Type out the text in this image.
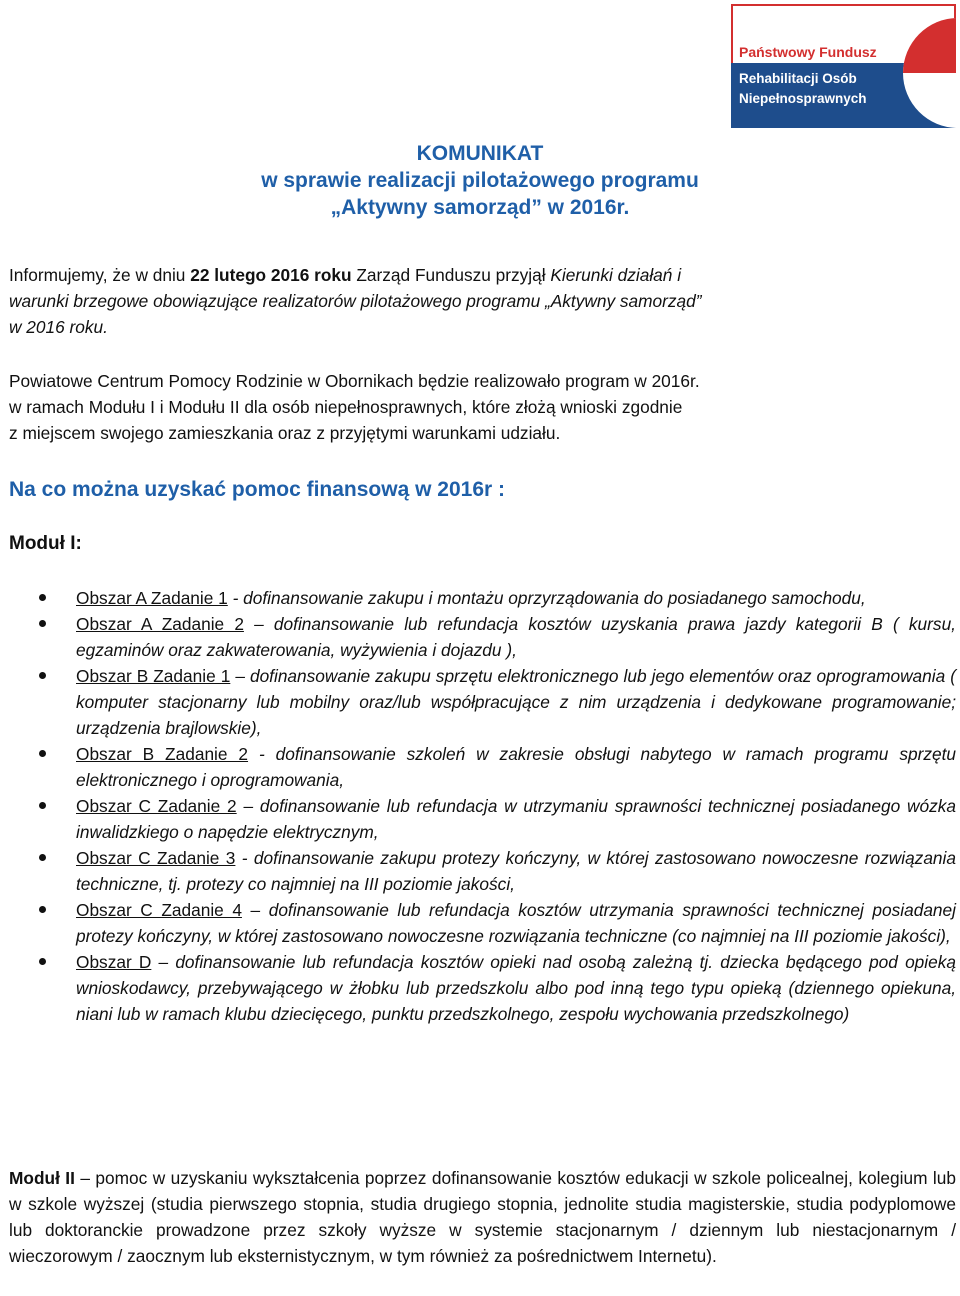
Państwowy Fundusz
Rehabilitacji Osób
Niepełnosprawnych
KOMUNIKAT
w sprawie realizacji pilotażowego programu
„Aktywny samorząd” w 2016r.
Informujemy, że w dniu 22 lutego 2016 roku Zarząd Funduszu przyjął Kierunki działań i
warunki brzegowe obowiązujące realizatorów pilotażowego programu „Aktywny samorząd”
w 2016 roku.
Powiatowe Centrum Pomocy Rodzinie w Obornikach będzie realizowało program w 2016r.
w ramach Modułu I i Modułu II dla osób niepełnosprawnych, które złożą wnioski zgodnie
z miejscem swojego zamieszkania oraz z przyjętymi warunkami udziału.
Na co można uzyskać pomoc finansową w 2016r :
Moduł I:
Obszar A Zadanie 1 - dofinansowanie zakupu i montażu oprzyrządowania do posiadanego samochodu,
Obszar A Zadanie 2 – dofinansowanie lub refundacja kosztów uzyskania prawa jazdy kategorii B ( kursu, egzaminów oraz zakwaterowania, wyżywienia i dojazdu ),
Obszar B Zadanie 1 – dofinansowanie zakupu sprzętu elektronicznego lub jego elementów oraz oprogramowania ( komputer stacjonarny lub mobilny oraz/lub współpracujące z nim urządzenia i dedykowane programowanie; urządzenia brajlowskie),
Obszar B Zadanie 2 - dofinansowanie szkoleń w zakresie obsługi nabytego w ramach programu sprzętu elektronicznego i oprogramowania,
Obszar C Zadanie 2 – dofinansowanie lub refundacja w utrzymaniu sprawności technicznej posiadanego wózka inwalidzkiego o napędzie elektrycznym,
Obszar C Zadanie 3 - dofinansowanie zakupu protezy kończyny, w której zastosowano nowoczesne rozwiązania techniczne, tj. protezy co najmniej na III poziomie jakości,
Obszar C Zadanie 4 – dofinansowanie lub refundacja kosztów utrzymania sprawności technicznej posiadanej protezy kończyny, w której zastosowano nowoczesne rozwiązania techniczne (co najmniej na III poziomie jakości),
Obszar D – dofinansowanie lub refundacja kosztów opieki nad osobą zależną tj. dziecka będącego pod opieką wnioskodawcy, przebywającego w żłobku lub przedszkolu albo pod inną tego typu opieką (dziennego opiekuna, niani lub w ramach klubu dziecięcego, punktu przedszkolnego, zespołu wychowania przedszkolnego)
Moduł II – pomoc w uzyskaniu wykształcenia poprzez dofinansowanie kosztów edukacji w szkole policealnej, kolegium lub w szkole wyższej (studia pierwszego stopnia, studia drugiego stopnia, jednolite studia magisterskie, studia podyplomowe lub doktoranckie prowadzone przez szkoły wyższe w systemie stacjonarnym / dziennym lub niestacjonarnym / wieczorowym / zaocznym lub eksternistycznym, w tym również za pośrednictwem Internetu).
